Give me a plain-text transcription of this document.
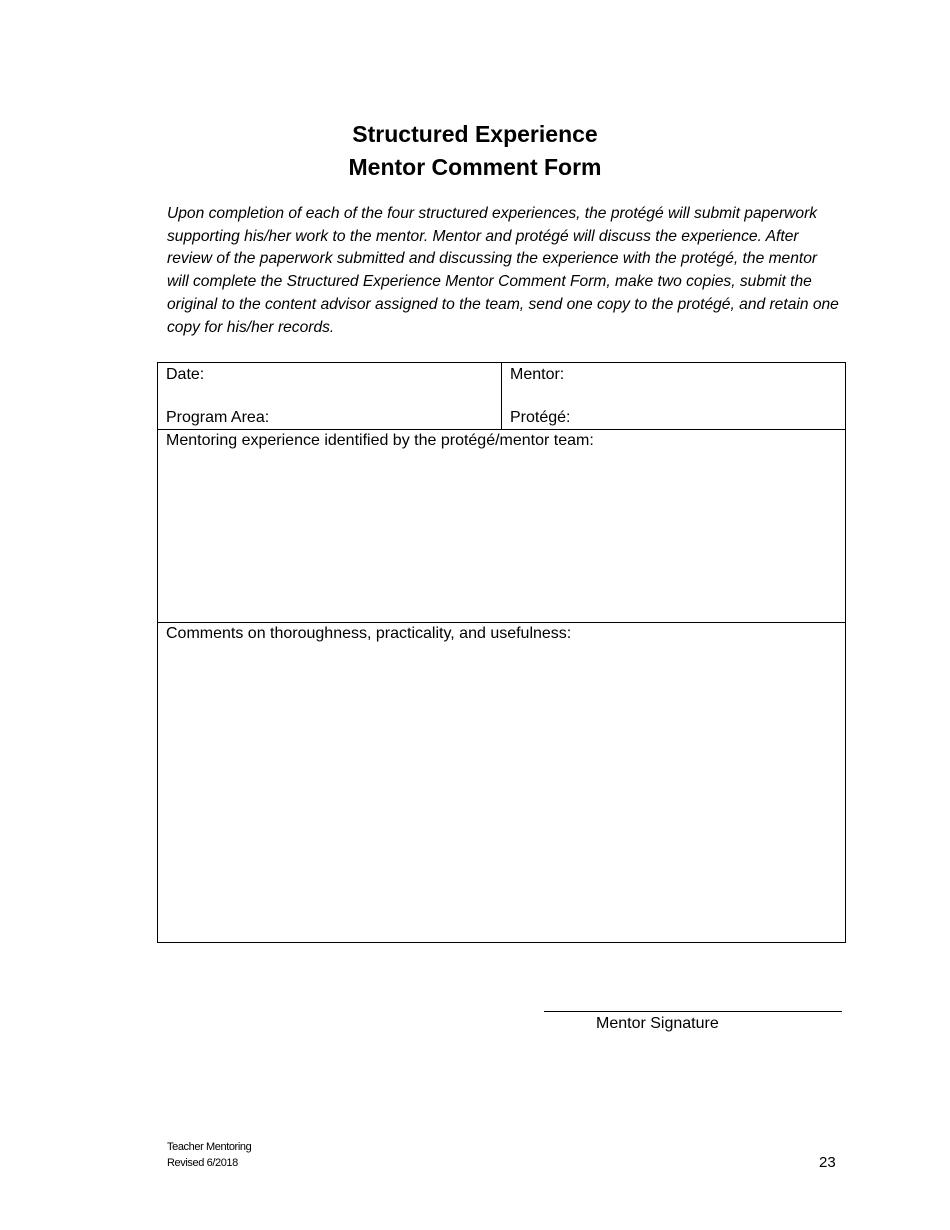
Structured Experience
Mentor Comment Form

Upon completion of each of the four structured experiences, the protégé will submit paperwork supporting his/her work to the mentor. Mentor and protégé will discuss the experience. After review of the paperwork submitted and discussing the experience with the protégé, the mentor will complete the Structured Experience Mentor Comment Form, make two copies, submit the original to the content advisor assigned to the team, send one copy to the protégé, and retain one copy for his/her records.

Date:
Program Area:
Mentor:
Protégé:
Mentoring experience identified by the protégé/mentor team:
Comments on thoroughness, practicality, and usefulness:
Mentor Signature
Teacher Mentoring
Revised 6/2018	23
